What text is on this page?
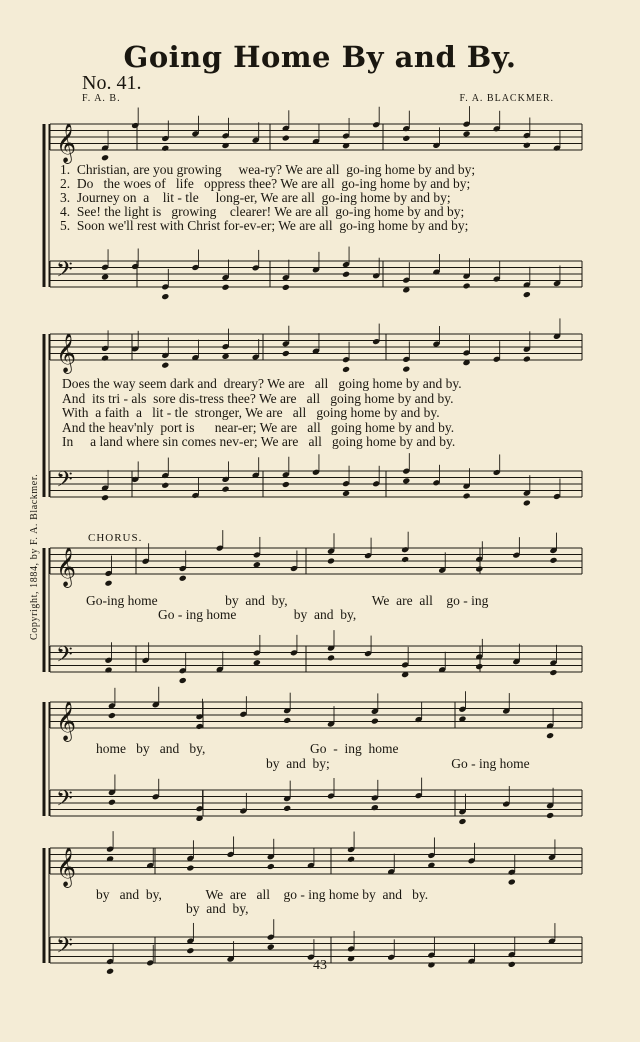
Going Home By and By.
No. 41.
F. A. B.	F. A. BLACKMER.
Copyright, 1884, by F. A. Blackmer.
𝄞
𝄢
𝄞
𝄢
𝄞
𝄢
𝄞
𝄢
𝄞
𝄢
1.  Christian, are you growing     wea-ry? We are all  go-ing home by and by;
2.  Do   the woes of   life   oppress thee? We are all  go-ing home by and by;
3.  Journey on  a    lit - tle     long-er, We are all  go-ing home by and by;
4.  See! the light is   growing    clearer! We are all  go-ing home by and by;
5.  Soon we'll rest with Christ for-ev-er; We are all  go-ing home by and by;
Does the way seem dark and  dreary? We are   all   going home by and by.
And  its tri - als  sore dis-tress thee? We are   all   going home by and by.
With  a faith  a   lit - tle  stronger, We are   all   going home by and by.
And the heav'nly  port is      near-er; We are   all   going home by and by.
In     a land where sin comes nev-er; We are   all   going home by and by.
CHORUS.
Go-ing home                    by  and  by,                         We  are  all    go - ing
Go - ing home                 by  and  by,
home   by   and   by,                               Go  -  ing  home
by  and  by;                                    Go - ing home
by   and  by,             We  are   all    go - ing home by  and   by.
by  and  by,
43
